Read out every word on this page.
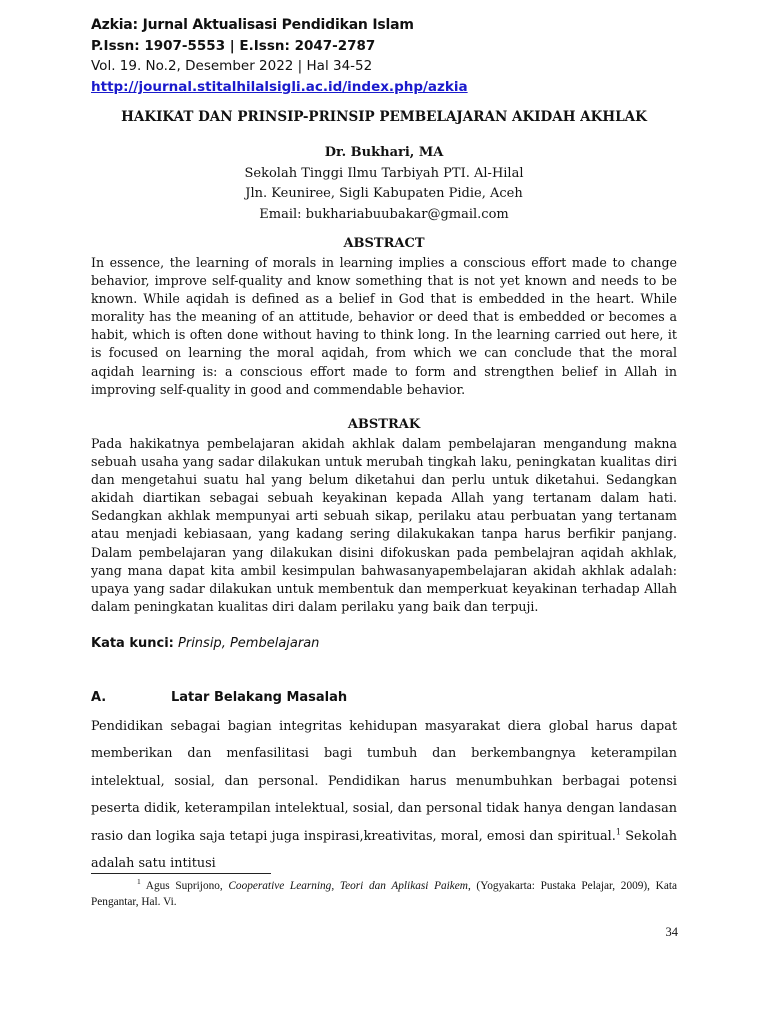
Azkia: Jurnal Aktualisasi Pendidikan Islam
P.Issn: 1907-5553 | E.Issn: 2047-2787
Vol. 19. No.2, Desember 2022 | Hal 34-52
http://journal.stitalhilalsigli.ac.id/index.php/azkia
HAKIKAT DAN PRINSIP-PRINSIP PEMBELAJARAN AKIDAH AKHLAK
Dr. Bukhari, MA
Sekolah Tinggi Ilmu Tarbiyah PTI. Al-Hilal
Jln. Keuniree, Sigli Kabupaten Pidie, Aceh
Email: bukhariabuubakar@gmail.com
ABSTRACT

In essence, the learning of morals in learning implies a conscious effort made to change behavior, improve self-quality and know something that is not yet known and needs to be known. While aqidah is defined as a belief in God that is embedded in the heart. While morality has the meaning of an attitude, behavior or deed that is embedded or becomes a habit, which is often done without having to think long. In the learning carried out here, it is focused on learning the moral aqidah, from which we can conclude that the moral aqidah learning is: a conscious effort made to form and strengthen belief in Allah in improving self-quality in good and commendable behavior.

ABSTRAK

Pada hakikatnya pembelajaran akidah akhlak dalam pembelajaran mengandung makna sebuah usaha yang sadar dilakukan untuk merubah tingkah laku, peningkatan kualitas diri dan mengetahui suatu hal yang belum diketahui dan perlu untuk diketahui. Sedangkan akidah diartikan sebagai sebuah keyakinan kepada Allah yang tertanam dalam hati. Sedangkan akhlak mempunyai arti sebuah sikap, perilaku atau perbuatan yang tertanam atau menjadi kebiasaan, yang kadang sering dilakukakan tanpa harus berfikir panjang. Dalam pembelajaran yang dilakukan disini difokuskan pada pembelajran aqidah akhlak, yang mana dapat kita ambil kesimpulan bahwasanyapembelajaran akidah akhlak adalah: upaya yang sadar dilakukan untuk membentuk dan memperkuat keyakinan terhadap Allah dalam peningkatan kualitas diri dalam perilaku yang baik dan terpuji.

Kata kunci: Prinsip, Pembelajaran
A.	Latar Belakang Masalah

Pendidikan sebagai bagian integritas kehidupan masyarakat diera global harus dapat memberikan dan menfasilitasi bagi tumbuh dan berkembangnya keterampilan intelektual, sosial, dan personal. Pendidikan harus menumbuhkan berbagai potensi peserta didik, keterampilan intelektual, sosial, dan personal tidak hanya dengan landasan rasio dan logika saja tetapi juga inspirasi,kreativitas, moral, emosi dan spiritual.$^1$ Sekolah adalah satu intitusi

$^1$ Agus Suprijono, Cooperative Learning, Teori dan Aplikasi Paikem, (Yogyakarta: Pustaka Pelajar, 2009), Kata Pengantar, Hal. Vi.

34
